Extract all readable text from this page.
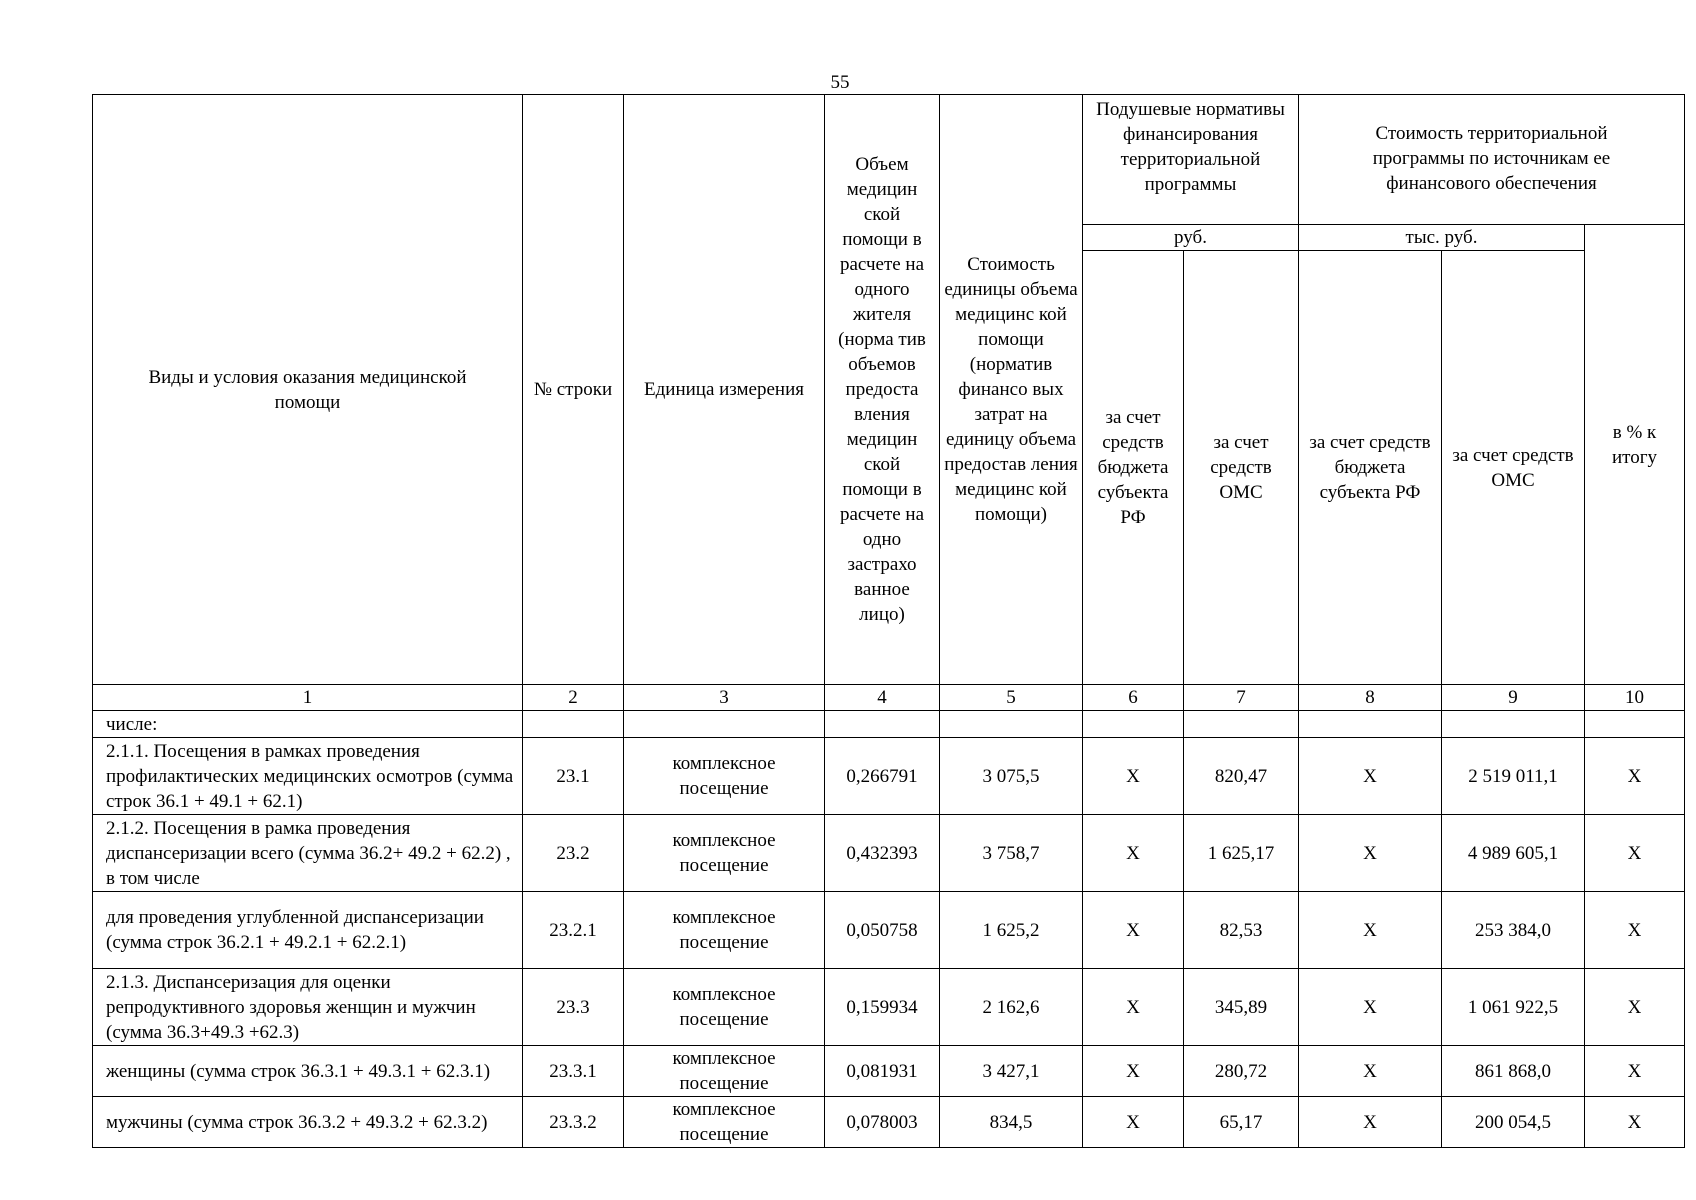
55
Виды и условия оказания медицинской помощи	№ строки	Единица измерения	Объем медицин ской помощи в расчете на одного жителя (норма тив объемов предоста вления медицин ской помощи в расчете на одно застрахо ванное лицо)	Стоимость единицы объема медицинс кой помощи (норматив финансо вых затрат на единицу объема предостав ления медицинс кой помощи)	Подушевые нормативы финансирования территориальной программы		Стоимость территориальной программы по источникам ее финансового обеспечения		
					руб.		тыс. руб.		в % к итогу
					за счет средств бюджета субъекта РФ	за счет средств ОМС	за счет средств бюджета субъекта РФ	за счет средств ОМС	
1	2	3	4	5	6	7	8	9	10
числе:									
2.1.1. Посещения в рамках проведения профилактических медицинских осмотров (сумма строк 36.1 + 49.1 + 62.1)	23.1	комплексное посещение	0,266791	3 075,5	X	820,47	X	2 519 011,1	X
2.1.2. Посещения в рамка проведения диспансеризации всего (сумма 36.2+ 49.2 + 62.2) , в том числе	23.2	комплексное посещение	0,432393	3 758,7	X	1 625,17	X	4 989 605,1	X
для проведения углубленной диспансеризации (сумма строк 36.2.1 + 49.2.1 + 62.2.1)	23.2.1	комплексное посещение	0,050758	1 625,2	X	82,53	X	253 384,0	X
2.1.3. Диспансеризация для оценки репродуктивного здоровья женщин и мужчин (сумма 36.3+49.3 +62.3)	23.3	комплексное посещение	0,159934	2 162,6	X	345,89	X	1 061 922,5	X
женщины (сумма строк 36.3.1 + 49.3.1 + 62.3.1)	23.3.1	комплексное посещение	0,081931	3 427,1	X	280,72	X	861 868,0	X
мужчины (сумма строк 36.3.2 + 49.3.2 + 62.3.2)	23.3.2	комплексное посещение	0,078003	834,5	X	65,17	X	200 054,5	X
